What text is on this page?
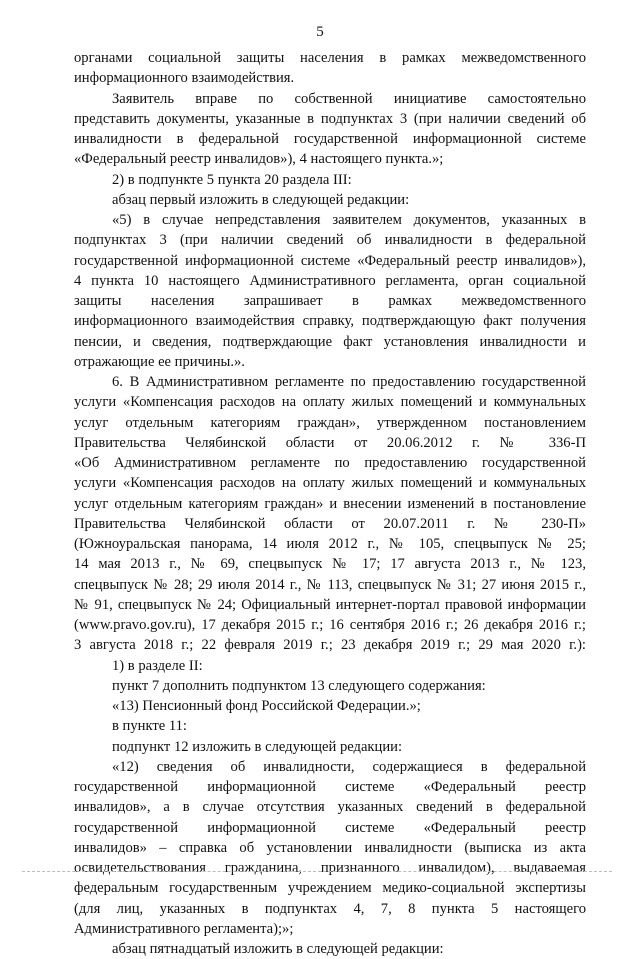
5
органами социальной защиты населения в рамках межведомственного
информационного взаимодействия.
Заявитель вправе по собственной инициативе самостоятельно
представить документы, указанные в подпунктах 3 (при наличии сведений об
инвалидности в федеральной государственной информационной системе
«Федеральный реестр инвалидов»), 4 настоящего пункта.»;
2) в подпункте 5 пункта 20 раздела III:
абзац первый изложить в следующей редакции:
«5) в случае непредставления заявителем документов, указанных в
подпунктах 3 (при наличии сведений об инвалидности в федеральной
государственной информационной системе «Федеральный реестр инвалидов»),
4 пункта 10 настоящего Административного регламента, орган социальной
защиты населения запрашивает в рамках межведомственного
информационного взаимодействия справку, подтверждающую факт получения
пенсии, и сведения, подтверждающие факт установления инвалидности и
отражающие ее причины.».
6. В Административном регламенте по предоставлению государственной
услуги «Компенсация расходов на оплату жилых помещений и коммунальных
услуг отдельным категориям граждан», утвержденном постановлением
Правительства Челябинской области от 20.06.2012 г. № 336-П
«Об Административном регламенте по предоставлению государственной
услуги «Компенсация расходов на оплату жилых помещений и коммунальных
услуг отдельным категориям граждан» и внесении изменений в постановление
Правительства Челябинской области от 20.07.2011 г. № 230-П»
(Южноуральская панорама, 14 июля 2012 г., № 105, спецвыпуск № 25;
14 мая 2013 г., № 69, спецвыпуск № 17; 17 августа 2013 г., № 123,
спецвыпуск № 28; 29 июля 2014 г., № 113, спецвыпуск № 31; 27 июня 2015 г.,
№ 91, спецвыпуск № 24; Официальный интернет-портал правовой информации
(www.pravo.gov.ru), 17 декабря 2015 г.; 16 сентября 2016 г.; 26 декабря 2016 г.;
3 августа 2018 г.; 22 февраля 2019 г.; 23 декабря 2019 г.; 29 мая 2020 г.):
1) в разделе II:
пункт 7 дополнить подпунктом 13 следующего содержания:
«13) Пенсионный фонд Российской Федерации.»;
в пункте 11:
подпункт 12 изложить в следующей редакции:
«12) сведения об инвалидности, содержащиеся в федеральной
государственной информационной системе «Федеральный реестр
инвалидов», а в случае отсутствия указанных сведений в федеральной
государственной информационной системе «Федеральный реестр
инвалидов» – справка об установлении инвалидности (выписка из акта
освидетельствования гражданина, признанного инвалидом), выдаваемая
федеральным государственным учреждением медико-социальной экспертизы
(для лиц, указанных в подпунктах 4, 7, 8 пункта 5 настоящего
Административного регламента);»;
абзац пятнадцатый изложить в следующей редакции:
